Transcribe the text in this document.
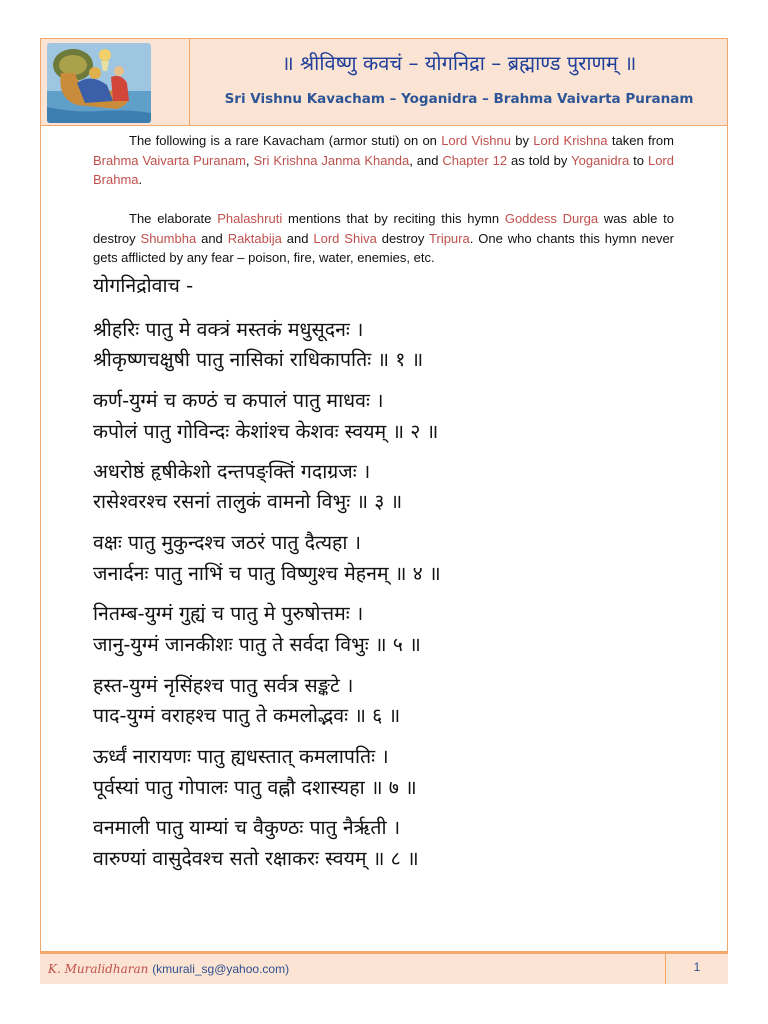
॥ श्रीविष्णु कवचं – योगनिद्रा – ब्रह्माण्ड पुराणम् ॥
Sri Vishnu Kavacham – Yoganidra – Brahma Vaivarta Puranam

The following is a rare Kavacham (armor stuti) on on Lord Vishnu by Lord Krishna taken from Brahma Vaivarta Puranam, Sri Krishna Janma Khanda, and Chapter 12 as told by Yoganidra to Lord Brahma.

The elaborate Phalashruti mentions that by reciting this hymn Goddess Durga was able to destroy Shumbha and Raktabija and Lord Shiva destroy Tripura. One who chants this hymn never gets afflicted by any fear – poison, fire, water, enemies, etc.

योगनिद्रोवाच -
श्रीहरिः पातु मे वक्त्रं मस्तकं मधुसूदनः ।
श्रीकृष्णचक्षुषी पातु नासिकां राधिकापतिः ॥ १ ॥
कर्ण-युग्मं च कण्ठं च कपालं पातु माधवः ।
कपोलं पातु गोविन्दः केशांश्च केशवः स्वयम् ॥ २ ॥
अधरोष्ठं हृषीकेशो दन्तपङ्क्तिं गदाग्रजः ।
रासेश्वरश्च रसनां तालुकं वामनो विभुः ॥ ३ ॥
वक्षः पातु मुकुन्दश्च जठरं पातु दैत्यहा ।
जनार्दनः पातु नाभिं च पातु विष्णुश्च मेहनम् ॥ ४ ॥
नितम्ब-युग्मं गुह्यं च पातु मे पुरुषोत्तमः ।
जानु-युग्मं जानकीशः पातु ते सर्वदा विभुः ॥ ५ ॥
हस्त-युग्मं नृसिंहश्च पातु सर्वत्र सङ्कटे ।
पाद-युग्मं वराहश्च पातु ते कमलोद्भवः ॥ ६ ॥
ऊर्ध्वं नारायणः पातु ह्यधस्तात् कमलापतिः ।
पूर्वस्यां पातु गोपालः पातु वह्नौ दशास्यहा ॥ ७ ॥
वनमाली पातु याम्यां च वैकुण्ठः पातु नैर्ऋती ।
वारुण्यां वासुदेवश्च सतो रक्षाकरः स्वयम् ॥ ८ ॥
K. Muralidharan (kmurali_sg@yahoo.com)	1
